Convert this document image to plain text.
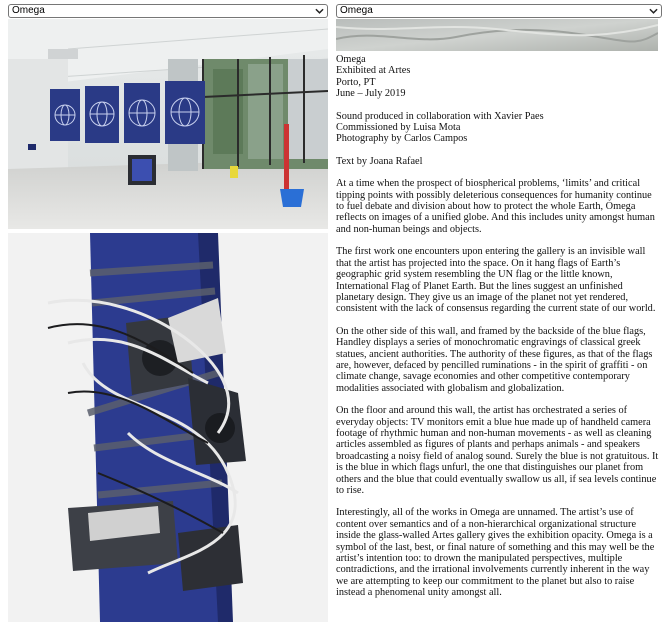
Omega	Omega

Omega
Exhibited at Artes
Porto, PT
June – July 2019

Sound produced in collaboration with Xavier Paes
Commissioned by Luisa Mota
Photography by Carlos Campos

Text by Joana Rafael

At a time when the prospect of biospherical problems, ‘limits’ and critical tipping points with possibly deleterious consequences for humanity continue to fuel debate and division about how to protect the whole Earth, Omega reflects on images of a unified globe. And this includes unity amongst human and non-human beings and objects.

The first work one encounters upon entering the gallery is an invisible wall that the artist has projected into the space. On it hang flags of Earth’s geographic grid system resembling the UN flag or the little known, International Flag of Planet Earth. But the lines suggest an unfinished planetary design. They give us an image of the planet not yet rendered, consistent with the lack of consensus regarding the current state of our world.

On the other side of this wall, and framed by the backside of the blue flags, Handley displays a series of monochromatic engravings of classical greek statues, ancient authorities. The authority of these figures, as that of the flags are, however, defaced by pencilled ruminations - in the spirit of graffiti - on climate change, savage economies and other competitive contemporary modalities associated with globalism and globalization.

On the floor and around this wall, the artist has orchestrated a series of everyday objects: TV monitors emit a blue hue made up of handheld camera footage of rhythmic human and non-human movements - as well as cleaning articles assembled as figures of plants and perhaps animals - and speakers broadcasting a noisy field of analog sound. Surely the blue is not gratuitous. It is the blue in which flags unfurl, the one that distinguishes our planet from others and the blue that could eventually swallow us all, if sea levels continue to rise.

Interestingly, all of the works in Omega are unnamed. The artist’s use of content over semantics and of a non-hierarchical organizational structure inside the glass-walled Artes gallery gives the exhibition opacity. Omega is a symbol of the last, best, or final nature of something and this may well be the artist’s intention too: to drown the manipulated perspectives, multiple contradictions, and the irrational involvements currently inherent in the way we are attempting to keep our commitment to the planet but also to raise instead a phenomenal unity amongst all.
